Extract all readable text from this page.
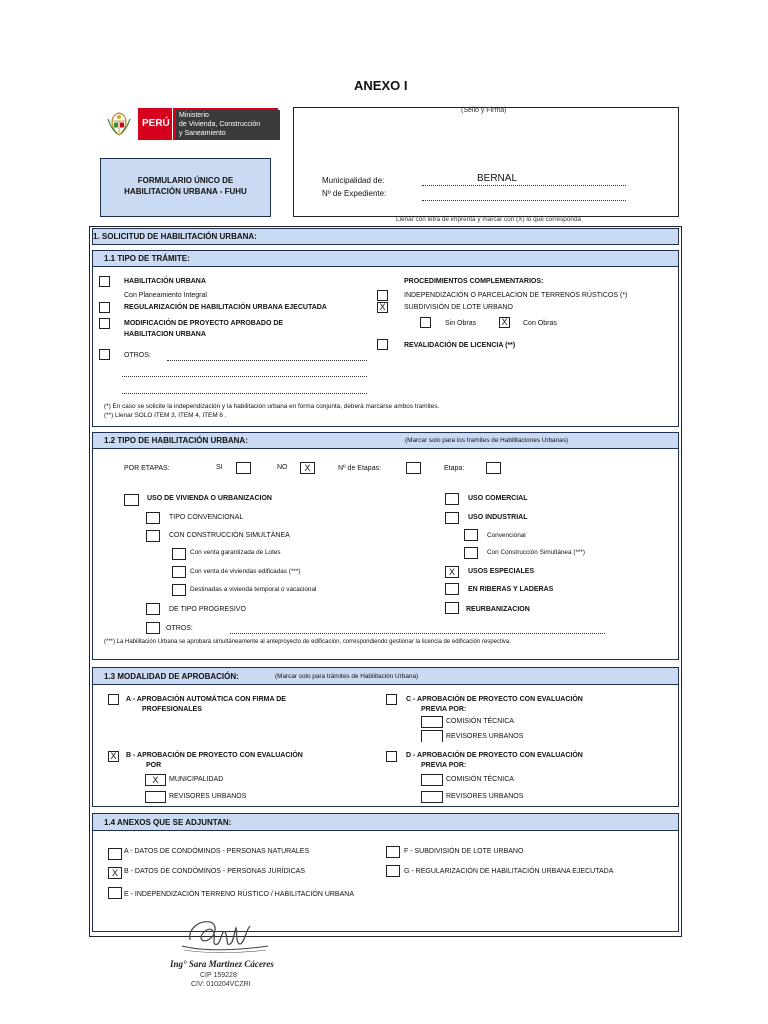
ANEXO I
PERÚ
Ministerio
de Vivienda, Construcción
y Saneamiento
(Sello y Firma)
Municipalidad de:	BERNAL
Nº de Expediente:
FORMULARIO ÚNICO DE
HABILITACIÓN URBANA - FUHU
Llenar con letra de imprenta y marcar con (X) lo que corresponda
1. SOLICITUD DE HABILITACIÓN URBANA:
1.1 TIPO DE TRÁMITE:
HABILITACIÓN URBANA
Con Planeamiento Integral
REGULARIZACIÓN DE HABILITACIÓN URBANA EJECUTADA
MODIFICACIÓN DE PROYECTO APROBADO DE
HABILITACION URBANA
OTROS:
PROCEDIMIENTOS COMPLEMENTARIOS:
INDEPENDIZACIÓN O PARCELACION DE TERRENOS RÚSTICOS (*)
X	SUBDIVISIÓN DE LOTE URBANO
Sin Obras	X	Con Obras
REVALIDACIÓN DE LICENCIA (**)
(*) En caso se solicite la independización y la habilitación urbana en forma conjunta, deberá marcarse ambos tramites.
(**) Llenar SOLO ITEM 3, ITEM 4, ITEM 6 .
1.2 TIPO DE HABILITACIÓN URBANA:	(Marcar solo para los tramites de Habilitaciones Urbanas)
POR ETAPAS:	SI	NO	X	Nº de Etapas:	Etapa:
USO DE VIVIENDA O URBANIZACION
TIPO CONVENCIONAL
CON CONSTRUCCIÓN SIMULTÁNEA
Con venta garantizada de Lotes
Con venta de viviendas edificadas (***)
Destinadas a vivienda temporal o vacacional
DE TIPO PROGRESIVO
OTROS:
USO COMERCIAL
USO INDUSTRIAL
Convencional
Con Construcción Simultánea (***)
X	USOS ESPECIALES
EN RIBERAS Y LADERAS
REURBANIZACION
(***) La Habilitación Urbana se aprobará simultáneamente al anteproyecto de edificación, correspondiendo gestionar la licencia de edificación respectiva.
1.3 MODALIDAD DE APROBACIÓN:	(Marcar solo para trámites de Habilitación Urbana)
A - APROBACIÓN AUTOMÁTICA CON FIRMA DE
PROFESIONALES
X	B - APROBACIÓN DE PROYECTO CON EVALUACIÓN
POR
X	MUNICIPALIDAD
REVISORES URBANOS
C - APROBACIÓN DE PROYECTO CON EVALUACIÓN
PREVIA POR:
COMISIÓN TÉCNICA
REVISORES URBANOS
D - APROBACIÓN DE PROYECTO CON EVALUACIÓN
PREVIA POR:
COMISIÓN TÉCNICA
REVISORES URBANOS
1.4 ANEXOS QUE SE ADJUNTAN:
A - DATOS DE CONDÓMINOS - PERSONAS NATURALES
X B - DATOS DE CONDÓMINOS - PERSONAS JURÍDICAS
E - INDEPENDIZACIÓN TERRENO RÚSTICO / HABILITACIÓN URBANA
F - SUBDIVISIÓN DE LOTE URBANO
G - REGULARIZACIÓN DE HABILITACIÓN URBANA EJECUTADA
Ing° Sara Martinez Cáceres
CIP 159228
CIV: 010204VCZRI
